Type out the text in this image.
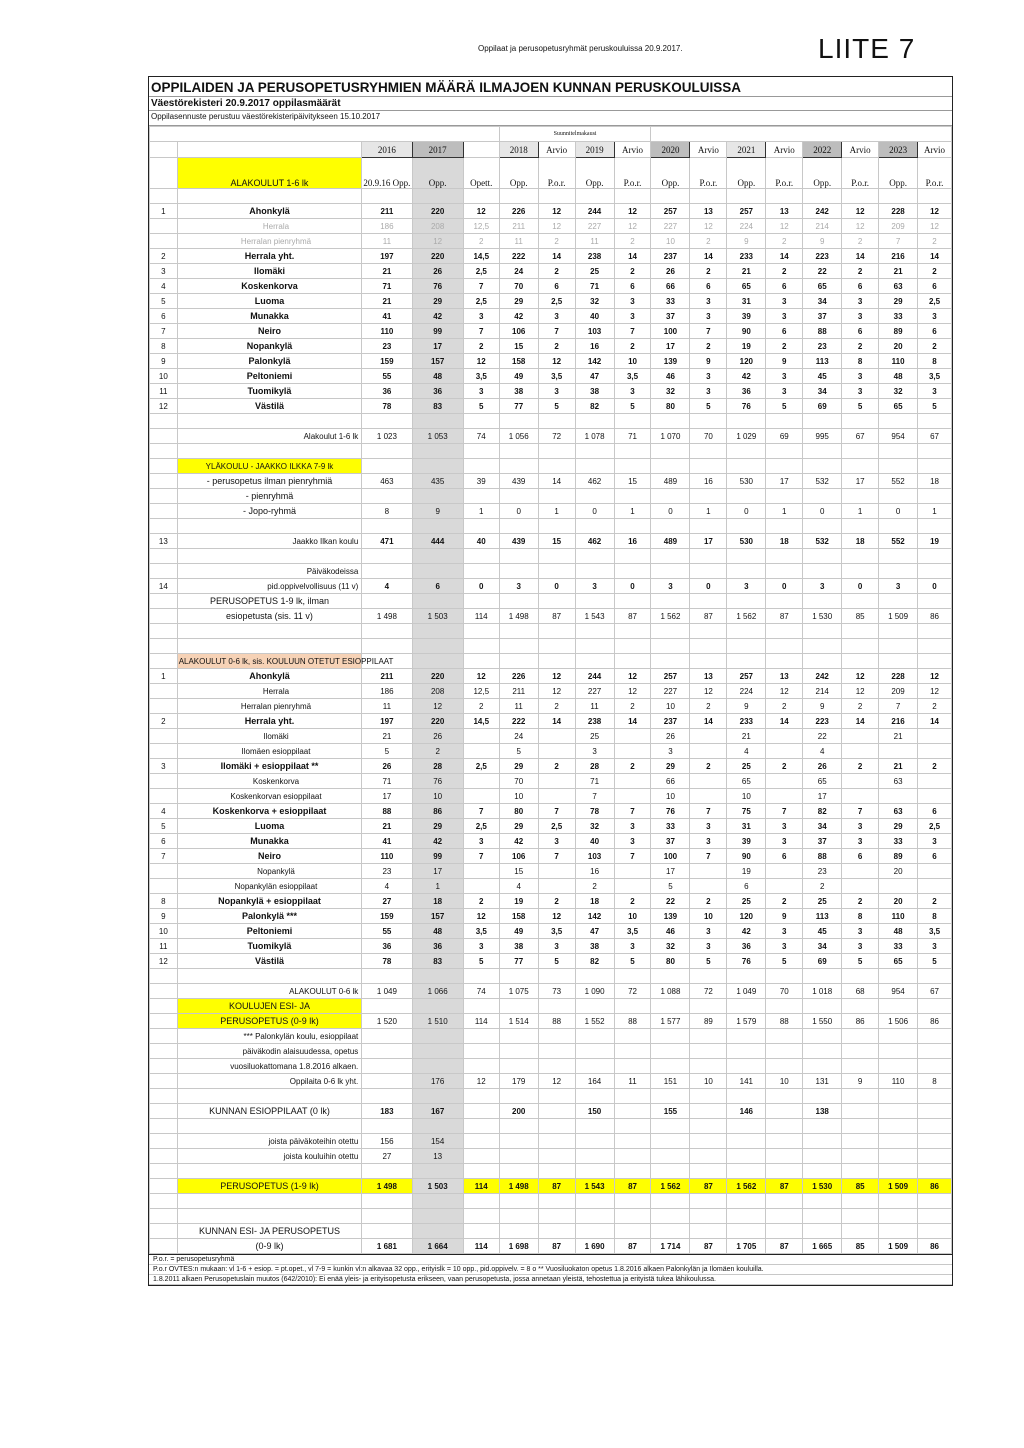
Oppilaat ja perusopetusryhmät peruskouluissa 20.9.2017.	LIITE 7
OPPILAIDEN JA PERUSOPETUSRYHMIEN MÄÄRÄ ILMAJOEN KUNNAN PERUSKOULUISSA
Väestörekisteri 20.9.2017 oppilasmäärät
Oppilasennuste perustuu väestörekisteripäivitykseen 15.10.2017
					Suunnitelmakausi											
		2016	2017		2018	Arvio	2019	Arvio	2020	Arvio	2021	Arvio	2022	Arvio	2023	Arvio
	ALAKOULUT 1-6 lk	20.9.16 Opp.	Opp.	Opett.	Opp.	P.o.r.	Opp.	P.o.r.	Opp.	P.o.r.	Opp.	P.o.r.	Opp.	P.o.r.	Opp.	P.o.r.

1	Ahonkylä	211	220	12	226	12	244	12	257	13	257	13	242	12	228	12
	Herrala	186	208	12,5	211	12	227	12	227	12	224	12	214	12	209	12
	Herralan pienryhmä	11	12	2	11	2	11	2	10	2	9	2	9	2	7	2
2	Herrala yht.	197	220	14,5	222	14	238	14	237	14	233	14	223	14	216	14
3	Ilomäki	21	26	2,5	24	2	25	2	26	2	21	2	22	2	21	2
4	Koskenkorva	71	76	7	70	6	71	6	66	6	65	6	65	6	63	6
5	Luoma	21	29	2,5	29	2,5	32	3	33	3	31	3	34	3	29	2,5
6	Munakka	41	42	3	42	3	40	3	37	3	39	3	37	3	33	3
7	Neiro	110	99	7	106	7	103	7	100	7	90	6	88	6	89	6
8	Nopankylä	23	17	2	15	2	16	2	17	2	19	2	23	2	20	2
9	Palonkylä	159	157	12	158	12	142	10	139	9	120	9	113	8	110	8
10	Peltoniemi	55	48	3,5	49	3,5	47	3,5	46	3	42	3	45	3	48	3,5
11	Tuomikylä	36	36	3	38	3	38	3	32	3	36	3	34	3	32	3
12	Västilä	78	83	5	77	5	82	5	80	5	76	5	69	5	65	5

	Alakoulut 1-6 lk	1 023	1 053	74	1 056	72	1 078	71	1 070	70	1 029	69	995	67	954	67

	YLÄKOULU - JAAKKO ILKKA 7-9 lk															
	- perusopetus ilman pienryhmiä	463	435	39	439	14	462	15	489	16	530	17	532	17	552	18
	- pienryhmä															
	- Jopo-ryhmä	8	9	1	0	1	0	1	0	1	0	1	0	1	0	1

13	Jaakko Ilkan koulu	471	444	40	439	15	462	16	489	17	530	18	532	18	552	19

	Päiväkodeissa															
14	pid.oppivelvollisuus (11 v)	4	6	0	3	0	3	0	3	0	3	0	3	0	3	0
	PERUSOPETUS 1-9 lk, ilman															
	esiopetusta (sis. 11 v)	1 498	1 503	114	1 498	87	1 543	87	1 562	87	1 562	87	1 530	85	1 509	86

	ALAKOULUT 0-6 lk, sis. KOULUUN OTETUT ESIOPPILAAT															
1	Ahonkylä	211	220	12	226	12	244	12	257	13	257	13	242	12	228	12
	Herrala	186	208	12,5	211	12	227	12	227	12	224	12	214	12	209	12
	Herralan pienryhmä	11	12	2	11	2	11	2	10	2	9	2	9	2	7	2
2	Herrala yht.	197	220	14,5	222	14	238	14	237	14	233	14	223	14	216	14
	Ilomäki	21	26		24		25		26		21		22		21	
	Ilomäen esioppilaat	5	2		5		3		3		4		4			
3	Ilomäki + esioppilaat **	26	28	2,5	29	2	28	2	29	2	25	2	26	2	21	2
	Koskenkorva	71	76		70		71		66		65		65		63	
	Koskenkorvan esioppilaat	17	10		10		7		10		10		17			
4	Koskenkorva + esioppilaat	88	86	7	80	7	78	7	76	7	75	7	82	7	63	6
5	Luoma	21	29	2,5	29	2,5	32	3	33	3	31	3	34	3	29	2,5
6	Munakka	41	42	3	42	3	40	3	37	3	39	3	37	3	33	3
7	Neiro	110	99	7	106	7	103	7	100	7	90	6	88	6	89	6
	Nopankylä	23	17		15		16		17		19		23		20	
	Nopankylän esioppilaat	4	1		4		2		5		6		2			
8	Nopankylä + esioppilaat	27	18	2	19	2	18	2	22	2	25	2	25	2	20	2
9	Palonkylä ***	159	157	12	158	12	142	10	139	10	120	9	113	8	110	8
10	Peltoniemi	55	48	3,5	49	3,5	47	3,5	46	3	42	3	45	3	48	3,5
11	Tuomikylä	36	36	3	38	3	38	3	32	3	36	3	34	3	33	3
12	Västilä	78	83	5	77	5	82	5	80	5	76	5	69	5	65	5

	ALAKOULUT 0-6 lk	1 049	1 066	74	1 075	73	1 090	72	1 088	72	1 049	70	1 018	68	954	67
	KOULUJEN ESI- JA															
	PERUSOPETUS (0-9 lk)	1 520	1 510	114	1 514	88	1 552	88	1 577	89	1 579	88	1 550	86	1 506	86
	*** Palonkylän koulu, esioppilaat															
	päiväkodin alaisuudessa, opetus															
	vuosiluokattomana 1.8.2016 alkaen.															
	Oppilaita 0-6 lk yht.		176	12	179	12	164	11	151	10	141	10	131	9	110	8

	KUNNAN ESIOPPILAAT (0 lk)	183	167		200		150		155		146		138			

	joista päiväkoteihin otettu	156	154													
	joista kouluihin otettu	27	13													

	PERUSOPETUS (1-9 lk)	1 498	1 503	114	1 498	87	1 543	87	1 562	87	1 562	87	1 530	85	1 509	86

	KUNNAN ESI- JA PERUSOPETUS															
	(0-9 lk)	1 681	1 664	114	1 698	87	1 690	87	1 714	87	1 705	87	1 665	85	1 509	86
P.o.r. = perusopetusryhmä
P.o.r OVTES:n mukaan: vl 1-6 + esiop. = pt.opet., vl 7-9 = kunkin vl:n alkavaa 32 opp., erityislk = 10 opp., pid.oppivelv. = 8 o ** Vuosiluokaton opetus 1.8.2016 alkaen Palonkylän ja Ilomäen kouluilla.
1.8.2011 alkaen Perusopetuslain muutos (642/2010): Ei enää yleis- ja erityisopetusta erikseen, vaan perusopetusta, jossa annetaan yleistä, tehostettua ja erityistä tukea lähikoulussa.
